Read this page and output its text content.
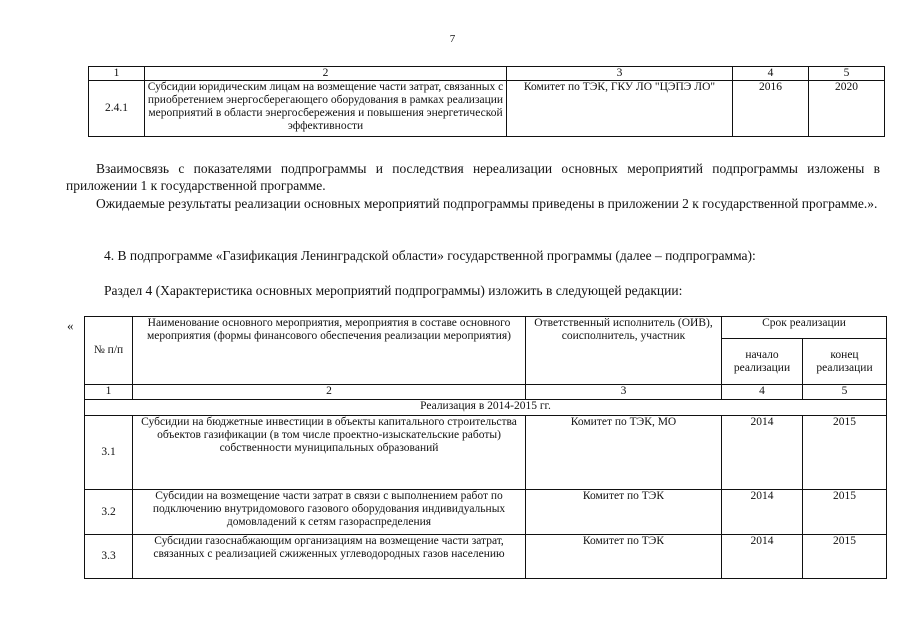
7
1	2	3	4	5
2.4.1	Субсидии юридическим лицам на возмещение части затрат, связанных с приобретением энергосберегающего оборудования в рамках реализации мероприятий в области энергосбережения и повышения энергетической эффективности	Комитет по ТЭК, ГКУ ЛО "ЦЭПЭ ЛО"	2016	2020

Взаимосвязь с показателями подпрограммы и последствия нереализации основных мероприятий подпрограммы изложены в приложении 1 к государственной программе.

Ожидаемые результаты реализации основных мероприятий подпрограммы приведены в приложении 2 к государственной программе.».

4. В подпрограмме «Газификация Ленинградской области» государственной программы (далее – подпрограмма):

Раздел 4 (Характеристика основных мероприятий подпрограммы) изложить в следующей редакции:

«
№ п/п	Наименование основного мероприятия, мероприятия в составе основного мероприятия (формы финансового обеспечения реализации мероприятия)	Ответственный исполнитель (ОИВ), соисполнитель, участник	Срок реализации	
			начало реализации	конец реализации
1	2	3	4	5
Реализация в 2014-2015 гг.				
3.1	Субсидии на бюджетные инвестиции в объекты капитального строительства объектов газификации (в том числе проектно-изыскательские работы) собственности муниципальных образований	Комитет по ТЭК, МО	2014	2015
3.2	Субсидии на возмещение части затрат в связи с выполнением работ по подключению внутридомового газового оборудования индивидуальных домовладений к сетям газораспределения	Комитет по ТЭК	2014	2015
3.3	Субсидии газоснабжающим организациям на возмещение части затрат, связанных с реализацией сжиженных углеводородных газов населению	Комитет по ТЭК	2014	2015
